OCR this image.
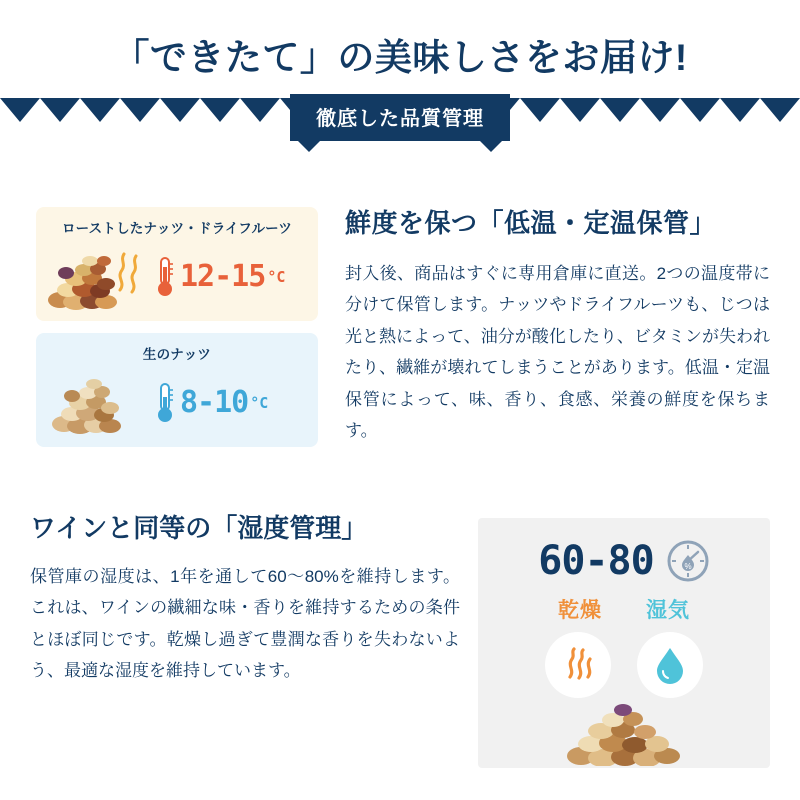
「できたて」の美味しさをお届け!
徹底した品質管理
ローストしたナッツ・ドライフルーツ
12-15 °C
生のナッツ
8-10 °C
鮮度を保つ「低温・定温保管」
封入後、商品はすぐに専用倉庫に直送。2つの温度帯に分けて保管します。ナッツやドライフルーツも、じつは光と熱によって、油分が酸化したり、ビタミンが失われたり、繊維が壊れてしまうことがあります。低温・定温保管によって、味、香り、食感、栄養の鮮度を保ちます。
ワインと同等の「湿度管理」
保管庫の湿度は、1年を通して60〜80%を維持します。これは、ワインの繊細な味・香りを維持するための条件とほぼ同じです。乾燥し過ぎて豊潤な香りを失わないよう、最適な湿度を維持しています。
60-80	%
乾燥 湿気
